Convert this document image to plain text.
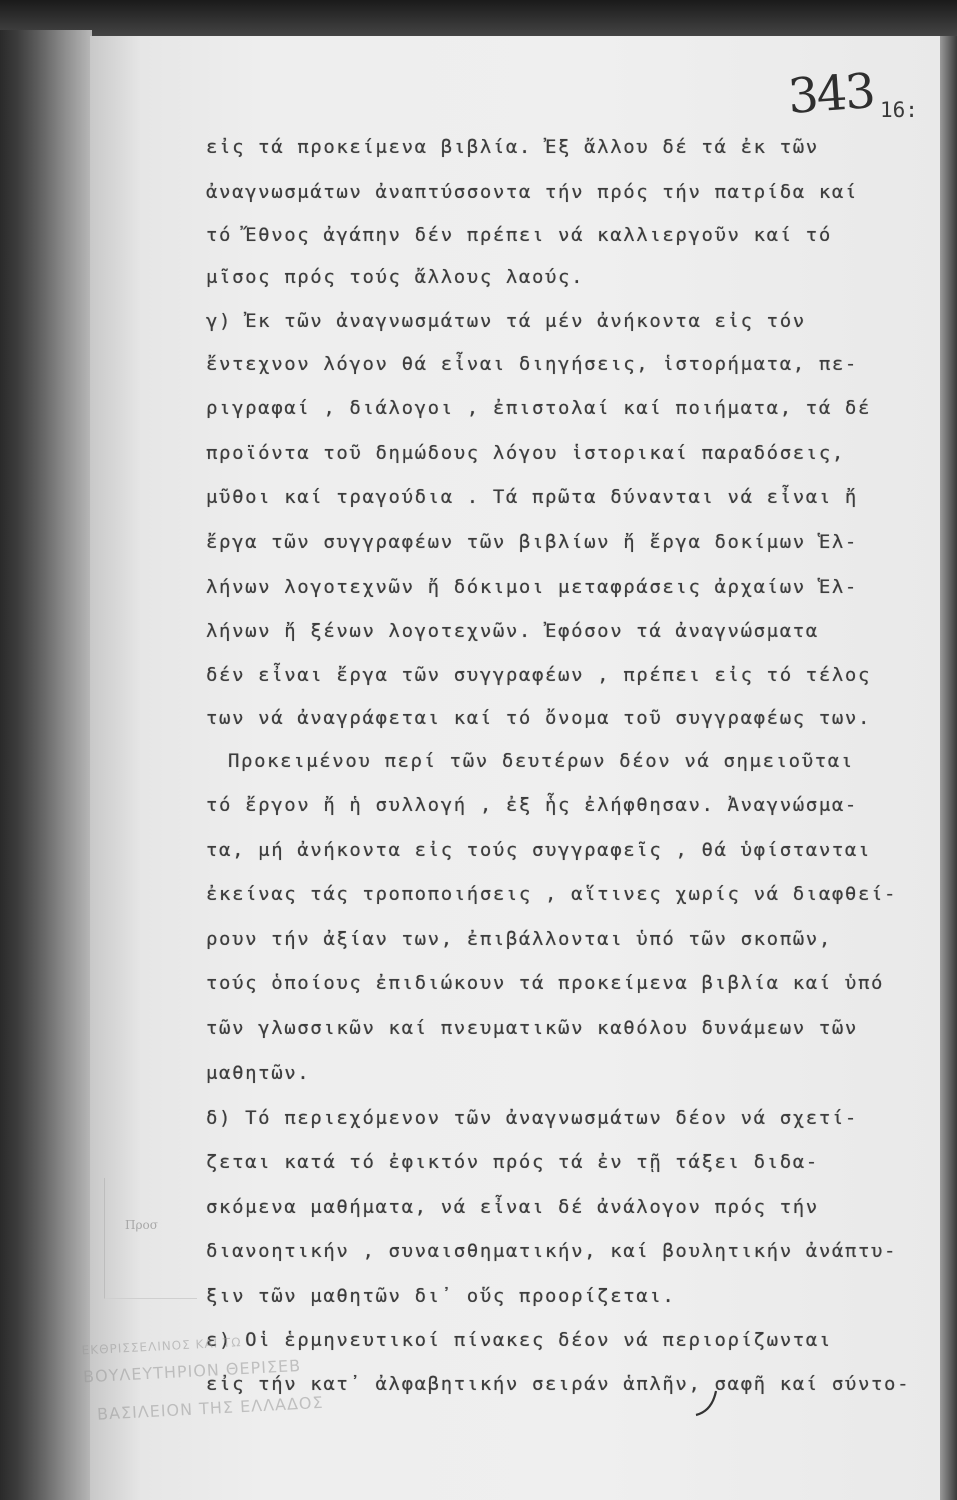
Προσ
343 16:
εἰς τά προκείμενα βιβλία. Ἐξ ἄλλου δέ τά ἐκ τῶν
ἀναγνωσμάτων ἀναπτύσσοντα τήν πρός τήν πατρίδα καί
τό Ἔθνος ἀγάπην δέν πρέπει νά καλλιεργοῦν καί τό
μῖσος πρός τούς ἄλλους λαούς.
γ) Ἐκ τῶν ἀναγνωσμάτων τά μέν ἀνήκοντα εἰς τόν
ἔντεχνον λόγον θά εἶναι διηγήσεις, ἱστορήματα, πε-
ριγραφαί , διάλογοι , ἐπιστολαί καί ποιήματα, τά δέ
προϊόντα τοῦ δημώδους λόγου ἱστορικαί παραδόσεις,
μῦθοι καί τραγούδια . Τά πρῶτα δύνανται νά εἶναι ἤ
ἔργα τῶν συγγραφέων τῶν βιβλίων ἤ ἔργα δοκίμων Ἑλ-
λήνων λογοτεχνῶν ἤ δόκιμοι μεταφράσεις ἀρχαίων Ἑλ-
λήνων ἤ ξένων λογοτεχνῶν. Ἐφόσον τά ἀναγνώσματα
δέν εἶναι ἔργα τῶν συγγραφέων , πρέπει εἰς τό τέλος
των νά ἀναγράφεται καί τό ὄνομα τοῦ συγγραφέως των.
Προκειμένου περί τῶν δευτέρων δέον νά σημειοῦται
τό ἔργον ἤ ἡ συλλογή , ἐξ ἧς ἐλήφθησαν. Ἀναγνώσμα-
τα, μή ἀνήκοντα εἰς τούς συγγραφεῖς , θά ὑφίστανται
ἐκείνας τάς τροποποιήσεις , αἵτινες χωρίς νά διαφθεί-
ρουν τήν ἀξίαν των, ἐπιβάλλονται ὑπό τῶν σκοπῶν,
τούς ὁποίους ἐπιδιώκουν τά προκείμενα βιβλία καί ὑπό
τῶν γλωσσικῶν καί πνευματικῶν καθόλου δυνάμεων τῶν
μαθητῶν.
δ) Τό περιεχόμενον τῶν ἀναγνωσμάτων δέον νά σχετί-
ζεται κατά τό ἐφικτόν πρός τά ἐν τῇ τάξει διδα-
σκόμενα μαθήματα, νά εἶναι δέ ἀνάλογον πρός τήν
διανοητικήν , συναισθηματικήν, καί βουλητικήν ἀνάπτυ-
ξιν τῶν μαθητῶν δι᾽ οὕς προορίζεται.
ε) Οἱ ἑρμηνευτικοί πίνακες δέον νά περιορίζωνται
εἰς τήν κατ᾽ ἀλφαβητικήν σειράν ἁπλῆν, σαφῆ καί σύντο-
ΕΚΘΡΙΣΣΕΛΙΝΟΣ ΚΑΙ ΤΩ
ΒΟΥΛΕΥΤΗΡΙΟΝ ΘΕΡΙΣΕΒ
ΒΑΣΙΛΕΙΟΝ ΤΗΣ ΕΛΛΑΔΟΣ
